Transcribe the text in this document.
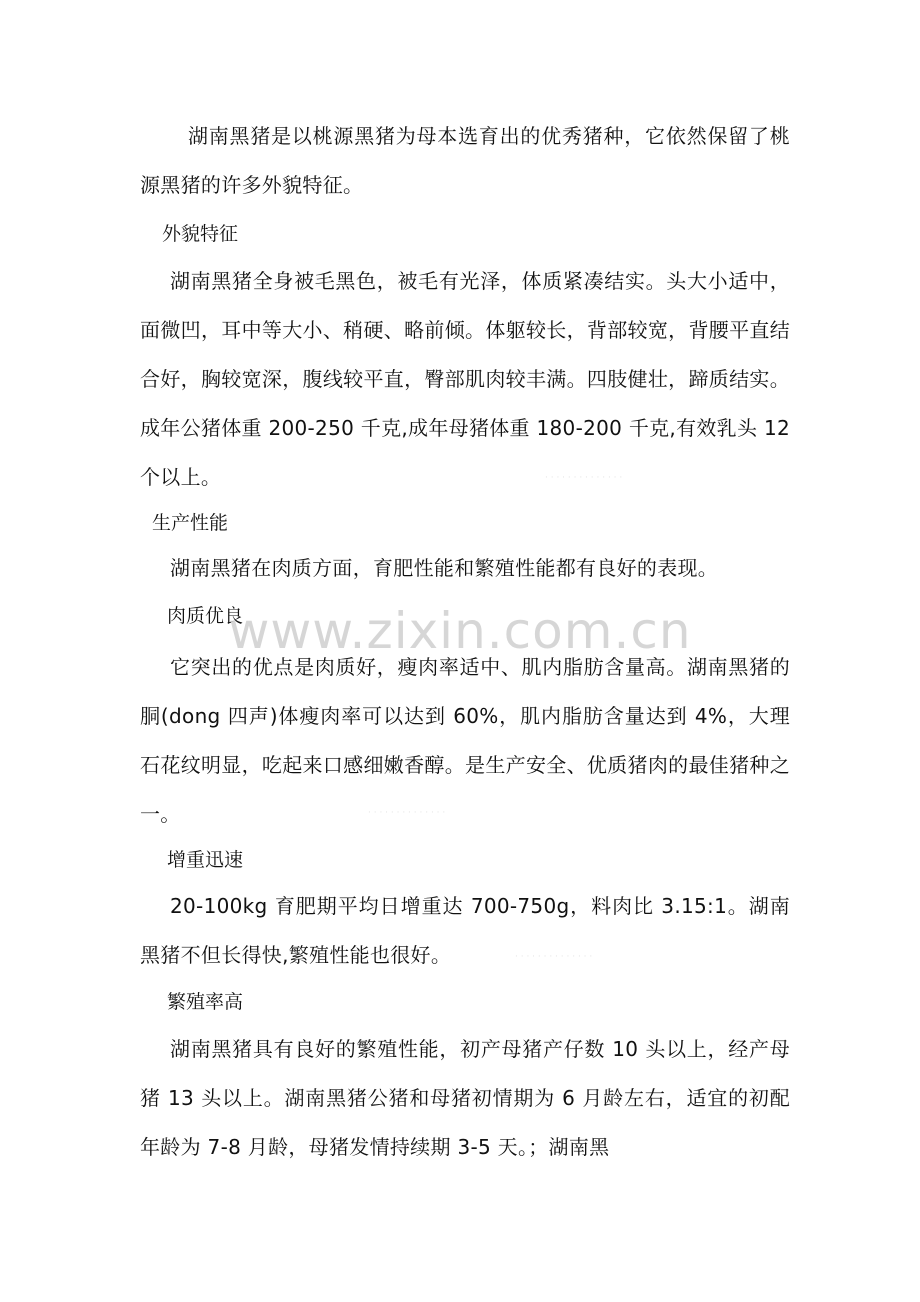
湖南黑猪是以桃源黑猪为母本选育出的优秀猪种，它依然保留了桃源黑猪的许多外貌特征。

外貌特征

湖南黑猪全身被毛黑色，被毛有光泽，体质紧凑结实。头大小适中，面微凹，耳中等大小、稍硬、略前倾。体躯较长，背部较宽，背腰平直结合好，胸较宽深，腹线较平直，臀部肌肉较丰满。四肢健壮，蹄质结实。成年公猪体重 200-250 千克,成年母猪体重 180-200 千克,有效乳头 12 个以上。

生产性能

湖南黑猪在肉质方面，育肥性能和繁殖性能都有良好的表现。

肉质优良

它突出的优点是肉质好，瘦肉率适中、肌内脂肪含量高。湖南黑猪的胴(dong 四声)体瘦肉率可以达到 60%，肌内脂肪含量达到 4%，大理石花纹明显，吃起来口感细嫩香醇。是生产安全、优质猪肉的最佳猪种之一。

增重迅速

20-100kg 育肥期平均日增重达 700-750g，料肉比 3.15:1。湖南黑猪不但长得快,繁殖性能也很好。

繁殖率高

湖南黑猪具有良好的繁殖性能，初产母猪产仔数 10 头以上，经产母猪 13 头以上。湖南黑猪公猪和母猪初情期为 6 月龄左右，适宜的初配年龄为 7-8 月龄，母猪发情持续期 3-5 天。；湖南黑

www.zixin.com.cn
· · · · · · · · · · · · · ·
· · · · · · · · · · · · · ·
· · · · · · · · · · · · · ·
